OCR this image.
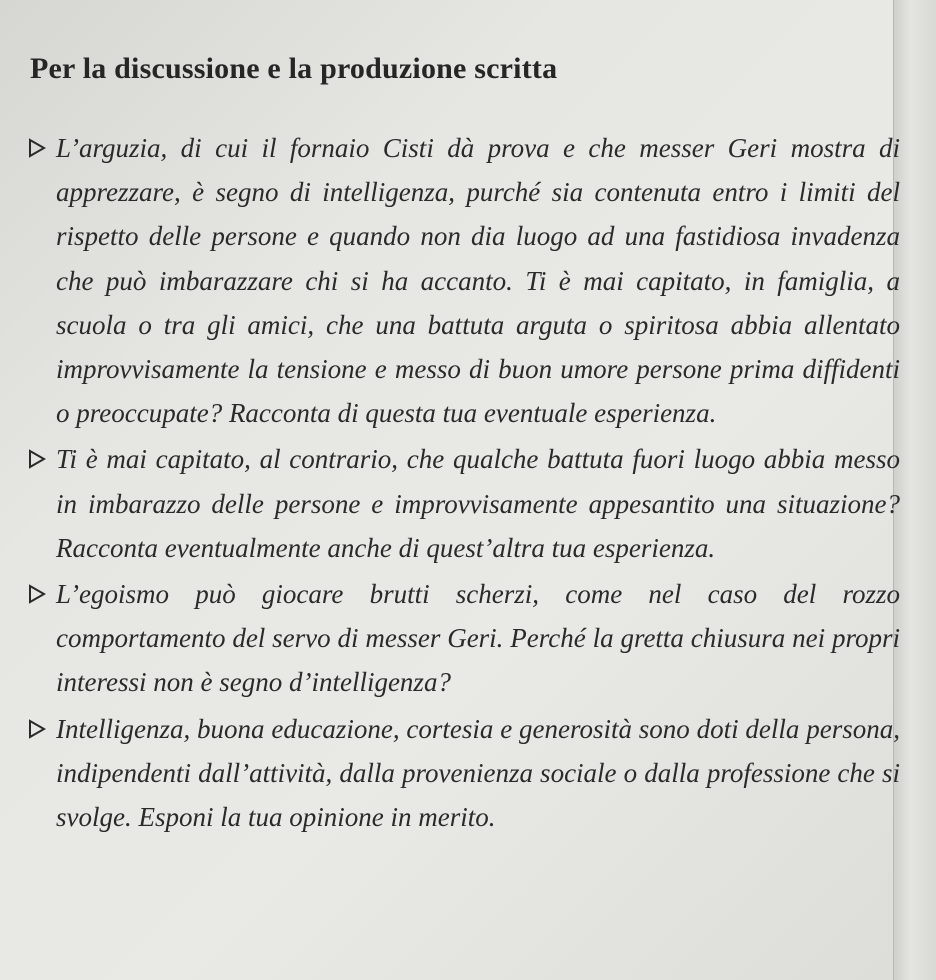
Per la discussione e la produzione scritta
L’arguzia, di cui il fornaio Cisti dà prova e che messer Geri mostra di apprezzare, è segno di intelligenza, purché sia contenuta entro i limiti del rispetto delle persone e quando non dia luogo ad una fastidiosa invadenza che può imbarazzare chi si ha accanto. Ti è mai capitato, in famiglia, a scuola o tra gli amici, che una battuta arguta o spiritosa abbia allentato improvvisamente la tensione e messo di buon umore persone prima diffidenti o preoccupate? Racconta di questa tua eventuale esperienza.
Ti è mai capitato, al contrario, che qualche battuta fuori luogo abbia messo in imbarazzo delle persone e improvvisamente appesantito una situazione? Racconta eventualmente anche di quest’altra tua esperienza.
L’egoismo può giocare brutti scherzi, come nel caso del rozzo comportamento del servo di messer Geri. Perché la gretta chiusura nei propri interessi non è segno d’intelligenza?
Intelligenza, buona educazione, cortesia e generosità sono doti della persona, indipendenti dall’attività, dalla provenienza sociale o dalla professione che si svolge. Esponi la tua opinione in merito.
